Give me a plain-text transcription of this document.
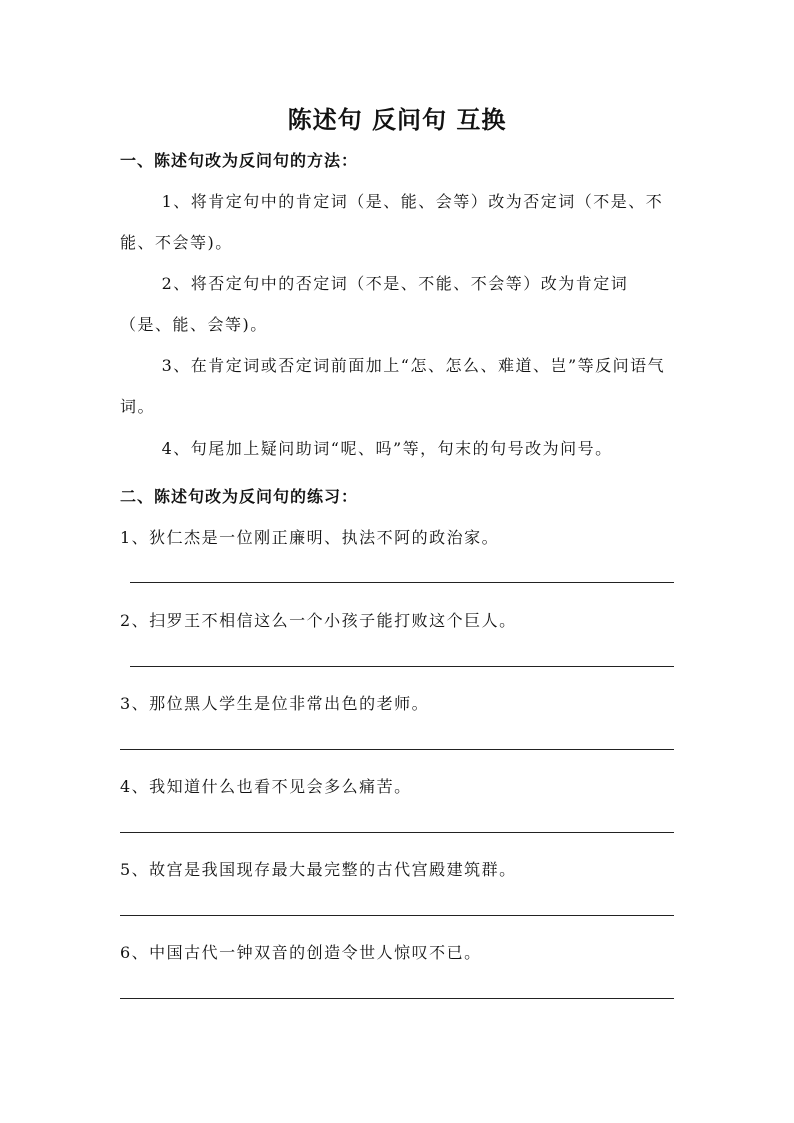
陈述句 反问句 互换
一、陈述句改为反问句的方法：
1、将肯定句中的肯定词（是、能、会等）改为否定词（不是、不能、不会等)。
2、将否定句中的否定词（不是、不能、不会等）改为肯定词（是、能、会等)。
3、在肯定词或否定词前面加上“怎、怎么、难道、岂”等反问语气词。
4、句尾加上疑问助词“呢、吗”等，句末的句号改为问号。
二、陈述句改为反问句的练习：
1、狄仁杰是一位刚正廉明、执法不阿的政治家。
2、扫罗王不相信这么一个小孩子能打败这个巨人。
3、那位黑人学生是位非常出色的老师。
4、我知道什么也看不见会多么痛苦。
5、故宫是我国现存最大最完整的古代宫殿建筑群。
6、中国古代一钟双音的创造令世人惊叹不已。
